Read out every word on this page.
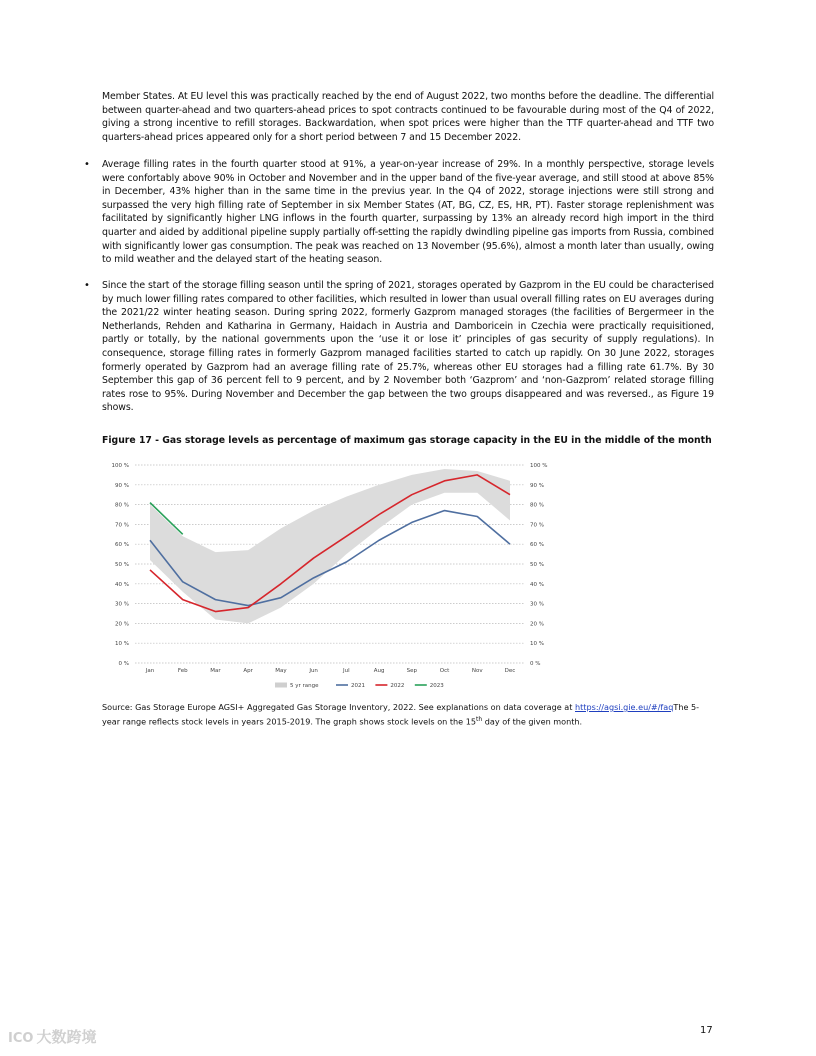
Member States. At EU level this was practically reached by the end of August 2022, two months before the deadline. The differential between quarter-ahead and two quarters-ahead prices to spot contracts continued to be favourable during most of the Q4 of 2022, giving a strong incentive to refill storages. Backwardation, when spot prices were higher than the TTF quarter-ahead and TTF two quarters-ahead prices appeared only for a short period between 7 and 15 December 2022.

• Average filling rates in the fourth quarter stood at 91%, a year-on-year increase of 29%. In a monthly perspective, storage levels were confortably above 90% in October and November and in the upper band of the five-year average, and still stood at above 85% in December, 43% higher than in the same time in the previus year. In the Q4 of 2022, storage injections were still strong and surpassed the very high filling rate of September in six Member States (AT, BG, CZ, ES, HR, PT). Faster storage replenishment was facilitated by significantly higher LNG inflows in the fourth quarter, surpassing by 13% an already record high import in the third quarter and aided by additional pipeline supply partially off-setting the rapidly dwindling pipeline gas imports from Russia, combined with significantly lower gas consumption. The peak was reached on 13 November (95.6%), almost a month later than usually, owing to mild weather and the delayed start of the heating season.

• Since the start of the storage filling season until the spring of 2021, storages operated by Gazprom in the EU could be characterised by much lower filling rates compared to other facilities, which resulted in lower than usual overall filling rates on EU averages during the 2021/22 winter heating season. During spring 2022, formerly Gazprom managed storages (the facilities of Bergermeer in the Netherlands, Rehden and Katharina in Germany, Haidach in Austria and Damboricein in Czechia were practically requisitioned, partly or totally, by the national governments upon the ‘use it or lose it’ principles of gas security of supply regulations). In consequence, storage filling rates in formerly Gazprom managed facilities started to catch up rapidly. On 30 June 2022, storages formerly operated by Gazprom had an average filling rate of 25.7%, whereas other EU storages had a filling rate 61.7%. By 30 September this gap of 36 percent fell to 9 percent, and by 2 November both ‘Gazprom’ and ‘non-Gazprom’ related storage filling rates rose to 95%. During November and December the gap between the two groups disappeared and was reversed., as Figure 19 shows.

Figure 17 - Gas storage levels as percentage of maximum gas storage capacity in the EU in the middle of the month

0 %	0 %
10 %	10 %
20 %	20 %
30 %	30 %
40 %	40 %
50 %	50 %
60 %	60 %
70 %	70 %
80 %	80 %
90 %	90 %
100 %	100 %
Jan	Feb	Mar	Apr	May	Jun	Jul	Aug	Sep	Oct	Nov	Dec
5 yr range	2021	2022	2023

Source: Gas Storage Europe AGSI+ Aggregated Gas Storage Inventory, 2022. See explanations on data coverage at https://agsi.gie.eu/#/faqThe 5-year range reflects stock levels in years 2015-2019. The graph shows stock levels on the 15th day of the given month.

17
ICO 大数跨境
